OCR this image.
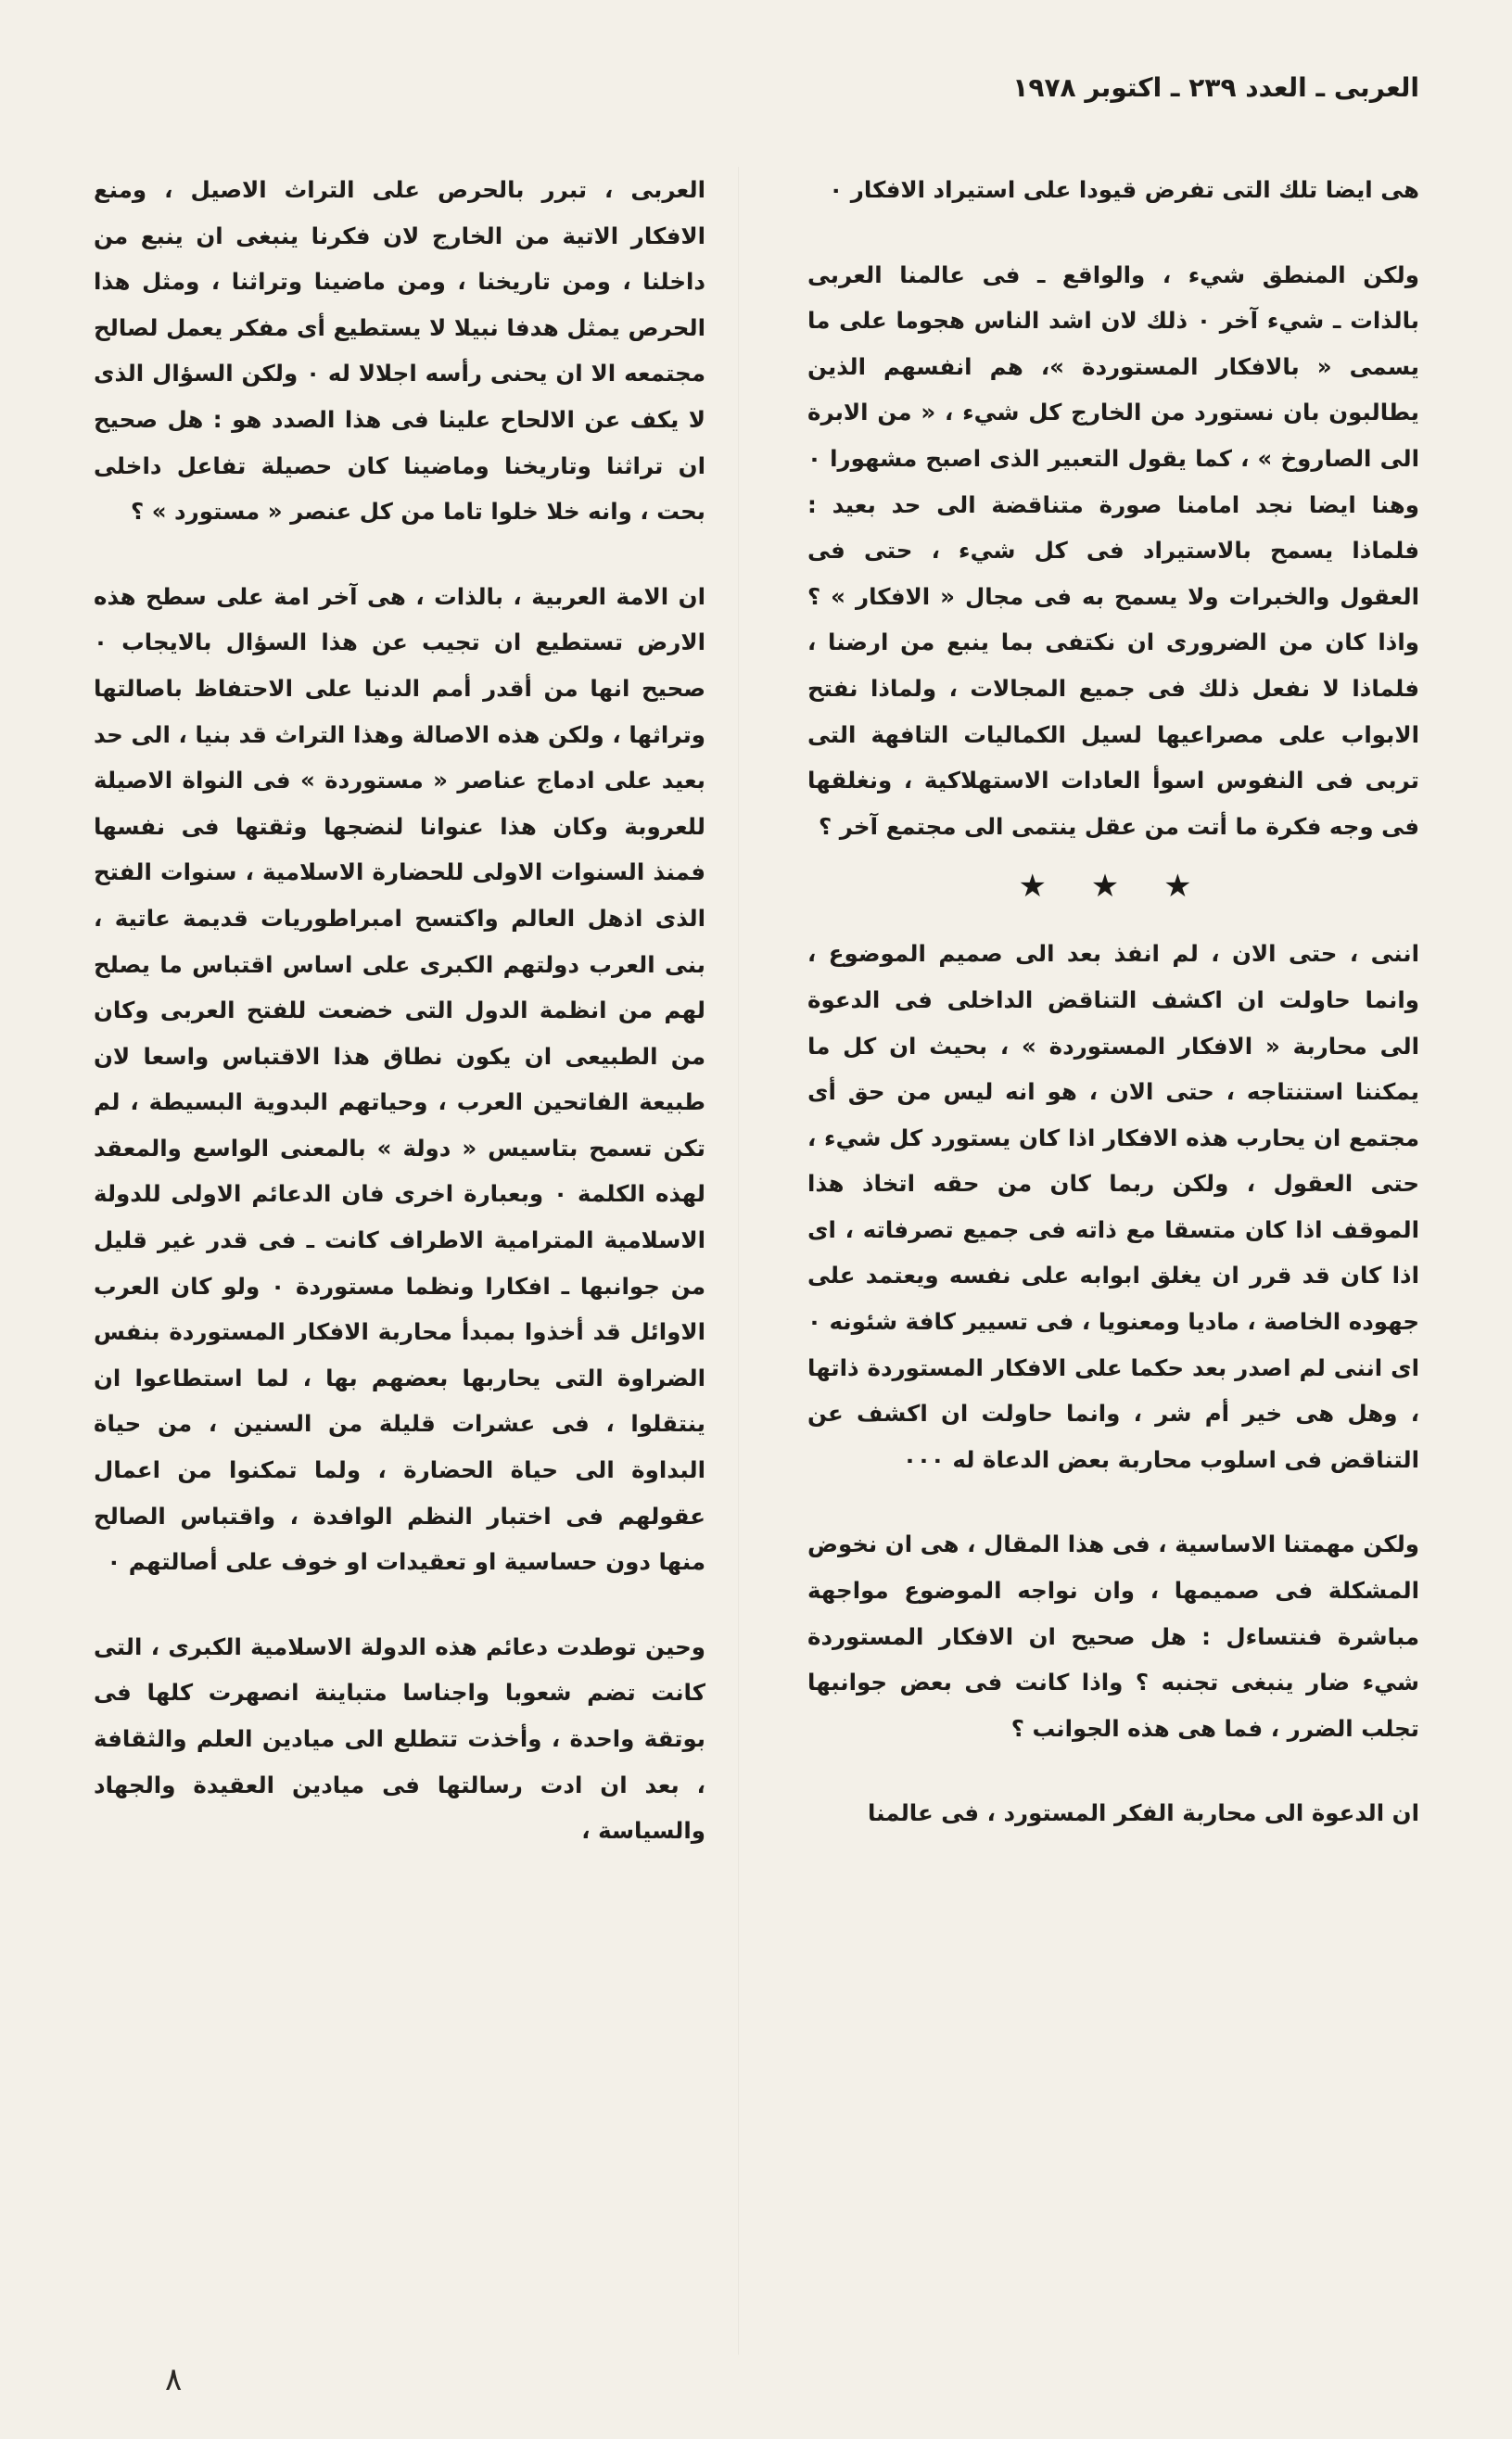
العربى ـ العدد ٢٣٩ ـ اكتوبر ١٩٧٨

هى ايضا تلك التى تفرض قيودا على استيراد الافكار ٠

ولكن المنطق شيء ، والواقع ـ فى عالمنا العربى بالذات ـ شيء آخر ٠ ذلك لان اشد الناس هجوما على ما يسمى « بالافكار المستوردة »، هم انفسهم الذين يطالبون بان نستورد من الخارج كل شيء ، « من الابرة الى الصاروخ » ، كما يقول التعبير الذى اصبح مشهورا ٠ وهنا ايضا نجد امامنا صورة متناقضة الى حد بعيد : فلماذا يسمح بالاستيراد فى كل شيء ، حتى فى العقول والخبرات ولا يسمح به فى مجال « الافكار » ؟ واذا كان من الضرورى ان نكتفى بما ينبع من ارضنا ، فلماذا لا نفعل ذلك فى جميع المجالات ، ولماذا نفتح الابواب على مصراعيها لسيل الكماليات التافهة التى تربى فى النفوس اسوأ العادات الاستهلاكية ، ونغلقها فى وجه فكرة ما أتت من عقل ينتمى الى مجتمع آخر ؟

★ ★ ★

اننى ، حتى الان ، لم انفذ بعد الى صميم الموضوع ، وانما حاولت ان اكشف التناقض الداخلى فى الدعوة الى محاربة « الافكار المستوردة » ، بحيث ان كل ما يمكننا استنتاجه ، حتى الان ، هو انه ليس من حق أى مجتمع ان يحارب هذه الافكار اذا كان يستورد كل شيء ، حتى العقول ، ولكن ربما كان من حقه اتخاذ هذا الموقف اذا كان متسقا مع ذاته فى جميع تصرفاته ، اى اذا كان قد قرر ان يغلق ابوابه على نفسه ويعتمد على جهوده الخاصة ، ماديا ومعنويا ، فى تسيير كافة شئونه ٠ اى اننى لم اصدر بعد حكما على الافكار المستوردة ذاتها ، وهل هى خير أم شر ، وانما حاولت ان اكشف عن التناقض فى اسلوب محاربة بعض الدعاة له ٠٠٠

ولكن مهمتنا الاساسية ، فى هذا المقال ، هى ان نخوض المشكلة فى صميمها ، وان نواجه الموضوع مواجهة مباشرة فنتساءل : هل صحيح ان الافكار المستوردة شيء ضار ينبغى تجنبه ؟ واذا كانت فى بعض جوانبها تجلب الضرر ، فما هى هذه الجوانب ؟

ان الدعوة الى محاربة الفكر المستورد ، فى عالمنا

العربى ، تبرر بالحرص على التراث الاصيل ، ومنع الافكار الاتية من الخارج لان فكرنا ينبغى ان ينبع من داخلنا ، ومن تاريخنا ، ومن ماضينا وتراثنا ، ومثل هذا الحرص يمثل هدفا نبيلا لا يستطيع أى مفكر يعمل لصالح مجتمعه الا ان يحنى رأسه اجلالا له ٠ ولكن السؤال الذى لا يكف عن الالحاح علينا فى هذا الصدد هو : هل صحيح ان تراثنا وتاريخنا وماضينا كان حصيلة تفاعل داخلى بحت ، وانه خلا خلوا تاما من كل عنصر « مستورد » ؟

ان الامة العربية ، بالذات ، هى آخر امة على سطح هذه الارض تستطيع ان تجيب عن هذا السؤال بالايجاب ٠ صحيح انها من أقدر أمم الدنيا على الاحتفاظ باصالتها وتراثها ، ولكن هذه الاصالة وهذا التراث قد بنيا ، الى حد بعيد على ادماج عناصر « مستوردة » فى النواة الاصيلة للعروبة وكان هذا عنوانا لنضجها وثقتها فى نفسها فمنذ السنوات الاولى للحضارة الاسلامية ، سنوات الفتح الذى اذهل العالم واكتسح امبراطوريات قديمة عاتية ، بنى العرب دولتهم الكبرى على اساس اقتباس ما يصلح لهم من انظمة الدول التى خضعت للفتح العربى وكان من الطبيعى ان يكون نطاق هذا الاقتباس واسعا لان طبيعة الفاتحين العرب ، وحياتهم البدوية البسيطة ، لم تكن تسمح بتاسيس « دولة » بالمعنى الواسع والمعقد لهذه الكلمة ٠ وبعبارة اخرى فان الدعائم الاولى للدولة الاسلامية المترامية الاطراف كانت ـ فى قدر غير قليل من جوانبها ـ افكارا ونظما مستوردة ٠ ولو كان العرب الاوائل قد أخذوا بمبدأ محاربة الافكار المستوردة بنفس الضراوة التى يحاربها بعضهم بها ، لما استطاعوا ان ينتقلوا ، فى عشرات قليلة من السنين ، من حياة البداوة الى حياة الحضارة ، ولما تمكنوا من اعمال عقولهم فى اختبار النظم الوافدة ، واقتباس الصالح منها دون حساسية او تعقيدات او خوف على أصالتهم ٠

وحين توطدت دعائم هذه الدولة الاسلامية الكبرى ، التى كانت تضم شعوبا واجناسا متباينة انصهرت كلها فى بوتقة واحدة ، وأخذت تتطلع الى ميادين العلم والثقافة ، بعد ان ادت رسالتها فى ميادين العقيدة والجهاد والسياسة ،

٨
